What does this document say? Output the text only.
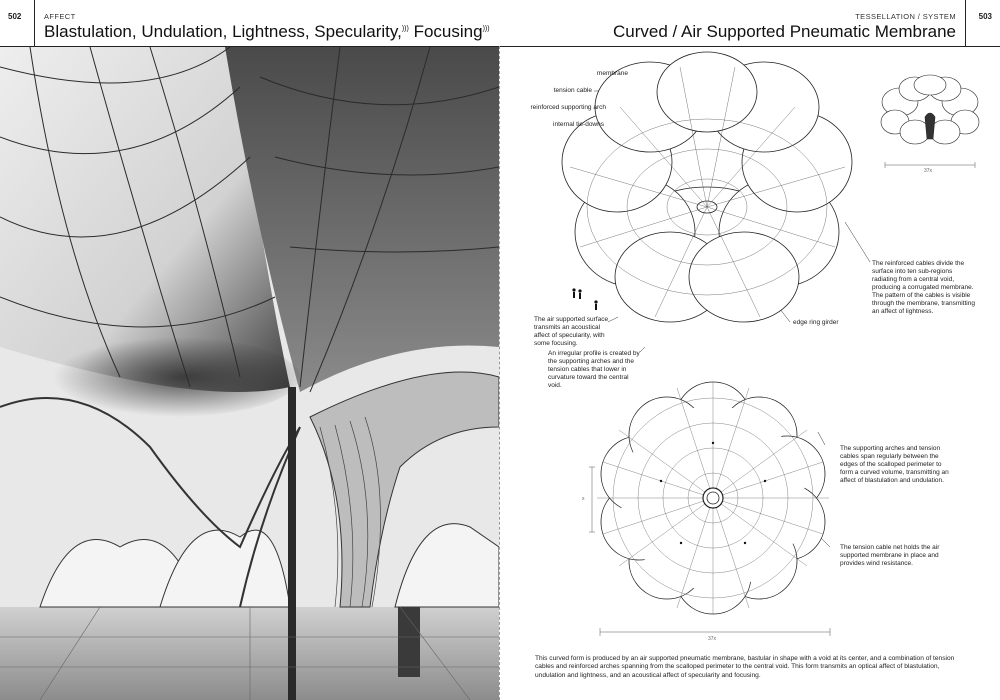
502	AFFECT
Blastulation, Undulation, Lightness, Specularity,))) Focusing)))
503
TESSELLATION / SYSTEM
Curved / Air Supported Pneumatic Membrane
membrane
tension cable
reinforced supporting arch
internal tie-downs
edge ring girder
The reinforced cables divide the surface into ten sub-regions radiating from a central void, producing a corrugated membrane. The pattern of the cables is visible through the membrane, transmitting an affect of lightness.
The air supported surface transmits an acoustical affect of specularity, with some focusing.
An irregular profile is created by the supporting arches and the tension cables that lower in curvature toward the central void.
The supporting arches and tension cables span regularly between the edges of the scalloped perimeter to form a curved volume, transmitting an affect of blastulation and undulation.
The tension cable net holds the air supported membrane in place and provides wind resistance.
37x
37x
x
This curved form is produced by an air supported pneumatic membrane, bastular in shape with a void at its center, and a combination of tension cables and reinforced arches spanning from the scalloped perimeter to the central void. This form transmits an optical affect of blastulation, undulation and lightness, and an acoustical affect of specularity and focusing.
